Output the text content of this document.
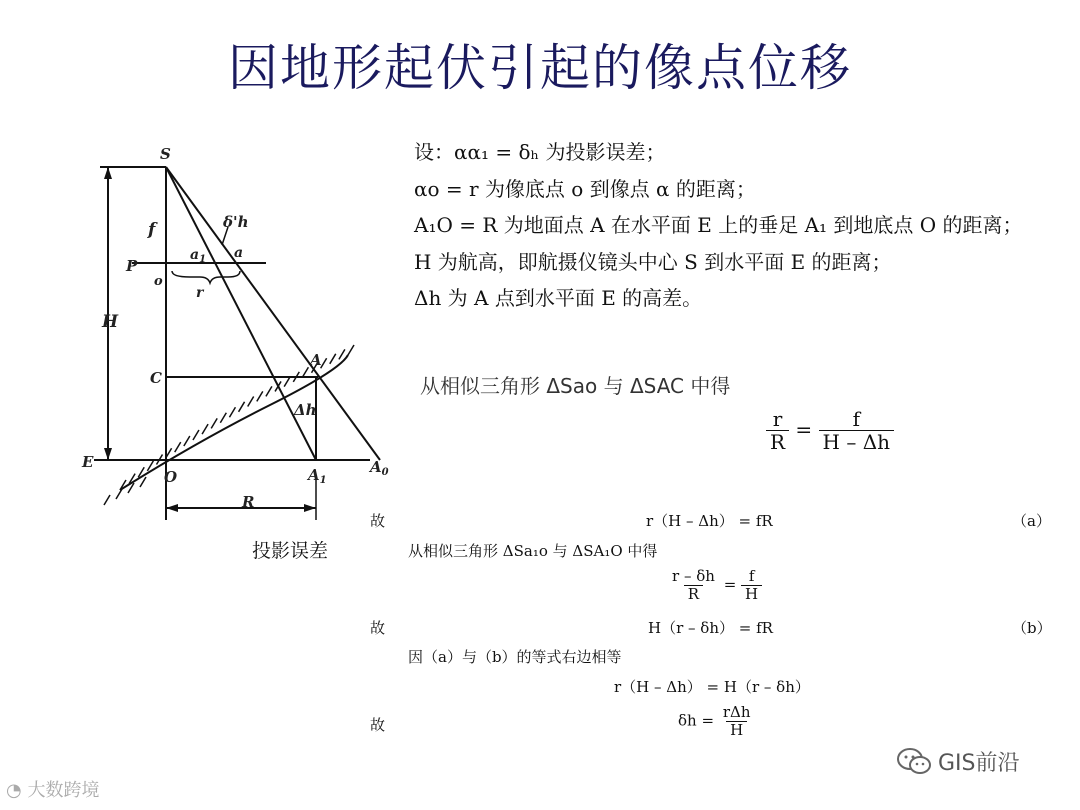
因地形起伏引起的像点位移
S
f	δ'h
P
o
$a_1$ a
r
H
C
A
Δh
E
O	$A_1$
$A_0$
R
投影误差
设：αα₁ = δₕ 为投影误差；
αo = r 为像底点 o 到像点 α 的距离；
A₁O = R 为地面点 A 在水平面 E 上的垂足 A₁ 到地底点 O 的距离；
H 为航高，即航摄仪镜头中心 S 到水平面 E 的距离；
Δh 为 A 点到水平面 E 的高差。
从相似三角形 ΔSao 与 ΔSAC 中得
$\frac{r}{R} = \frac{f}{H - \Delta h}$
故	r（H – Δh） = fR	（a）
从相似三角形 ΔSa₁o 与 ΔSA₁O 中得
$\frac{r - \delta h}{R} = \frac{f}{H}$
故	H（r – δh） = fR	（b）
因（a）与（b）的等式右边相等
r（H – Δh） = H（r – δh）
故	$\delta h = \frac{\text{rΔh}}{H}$
◔ 大数跨境
GIS前沿
